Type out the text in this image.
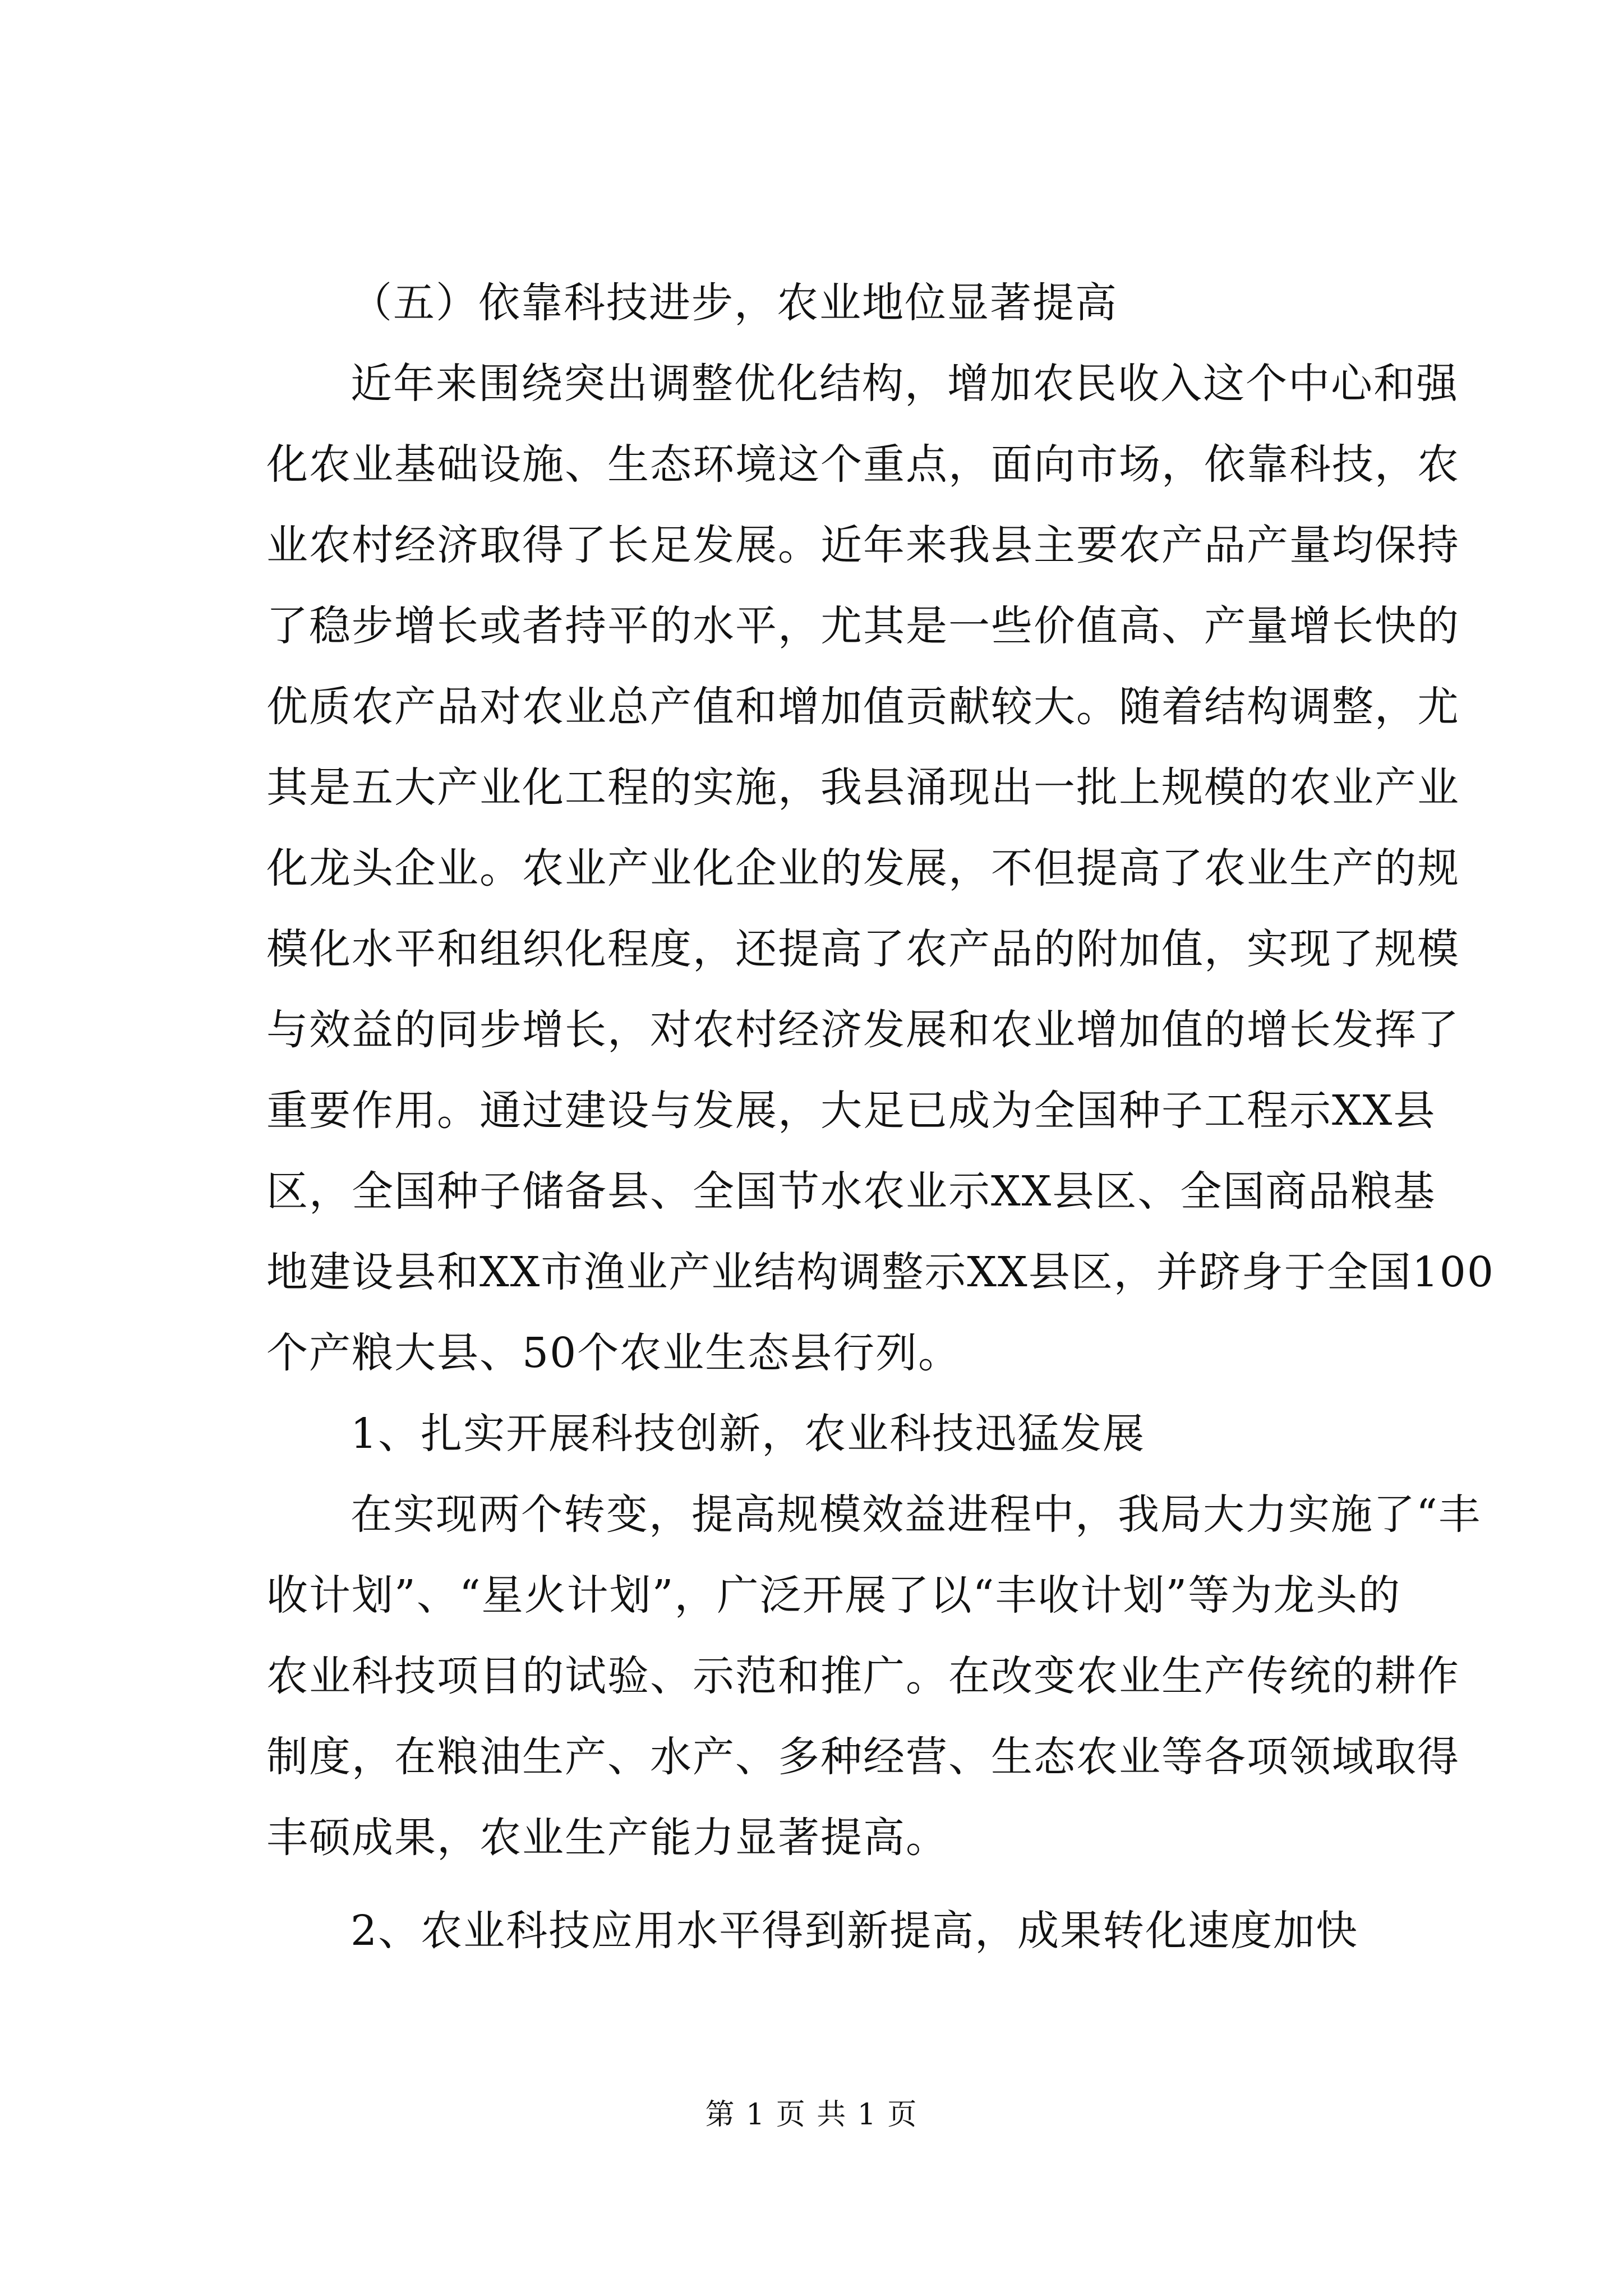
（五）依靠科技进步，农业地位显著提高
近年来围绕突出调整优化结构，增加农民收入这个中心和强
化农业基础设施、生态环境这个重点，面向市场，依靠科技，农
业农村经济取得了长足发展。近年来我县主要农产品产量均保持
了稳步增长或者持平的水平，尤其是一些价值高、产量增长快的
优质农产品对农业总产值和增加值贡献较大。随着结构调整，尤
其是五大产业化工程的实施，我县涌现出一批上规模的农业产业
化龙头企业。农业产业化企业的发展，不但提高了农业生产的规
模化水平和组织化程度，还提高了农产品的附加值，实现了规模
与效益的同步增长，对农村经济发展和农业增加值的增长发挥了
重要作用。通过建设与发展，大足已成为全国种子工程示XX县
区，全国种子储备县、全国节水农业示XX县区、全国商品粮基
地建设县和XX市渔业产业结构调整示XX县区，并跻身于全国100
个产粮大县、50个农业生态县行列。
1、扎实开展科技创新，农业科技迅猛发展
在实现两个转变，提高规模效益进程中，我局大力实施了“丰
收计划”、“星火计划”，广泛开展了以“丰收计划”等为龙头的
农业科技项目的试验、示范和推广。在改变农业生产传统的耕作
制度，在粮油生产、水产、多种经营、生态农业等各项领域取得
丰硕成果，农业生产能力显著提高。
2、农业科技应用水平得到新提高，成果转化速度加快
第 1 页 共 1 页
